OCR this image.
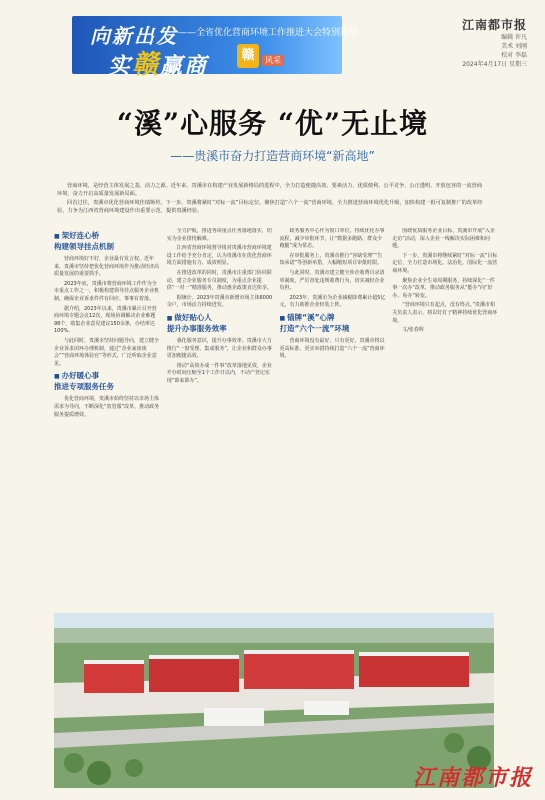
向新出发 ——全省优化营商环境工作推进大会特别策划
实赣赢商	赣	风采
江南都市报
编辑 许凡
美术 刘刚
校对 李磊
2024年4月17日 星期三
“溪”心服务 “优”无止境
——贵溪市奋力打造营商环境“新高地”

营商环境，是经营主体发展之基、活力之源。近年来，贵溪市在构建产业发展新格局的进程中，全力打造便捷高效、要素活力、优质便利、公平竞争、公正透明、开放包容的一流营商环境，奋力开启高质量发展新局面。

回首过往，贵溪市优化营商环境佳绩频传。下一步，贵溪将紧盯“对标一流”目标定位，聚焦打造“六个一流”营商环境，全力推进营商环境优化升级，加快构建一批可复制推广的改革经验，力争为江西省营商环境建设作出重要示范、提供贵溪经验。

■ 架好连心桥
构建领导挂点机制

营商环境好不好，企业最有发言权。近年来，贵溪市坚持把优化营商环境作为推动经济高质量发展的重要抓手。

2023年底，贵溪市将营商环境工作作为全市重点工作之一，积极构建领导挂点服务企业机制，确保企业诉求件件有回应、事事有着落。

据介绍，2023年以来，贵溪市累计召开营商环境专题会议12次，现场协调解决企业难题98个，收集企业意见建议150余条，办结率达100%。

与此同时，贵溪市坚持问题导向，建立健全企业诉求闭环办理机制，通过“企业家座谈会”“营商环境体验官”等形式，广泛听取企业意见。

■ 办好暖心事
推进专项服务任务

优化营商环境，贵溪市始终坚持以市场主体需求为导向，不断深化“放管服”改革，推动政务服务提质增效。

全力护航，推进各项重点任务落地落实，切实为企业排忧解难。

江西省营商环境督导组对贵溪市营商环境建设工作给予充分肯定，认为贵溪市在优化营商环境方面措施有力、成效明显。

在推进改革的同时，贵溪市注重部门协同联动，建立企业服务专员制度，为重点企业提供“一对一”精准服务，推动惠企政策直达快享。

据统计，2023年贵溪市新增市场主体6000余户，市场活力持续迸发。

■ 做好贴心人
提升办事服务效率

强化服务意识，提升办事效率。贵溪市大力推行“一窗受理、集成服务”，让企业和群众办事更加便捷高效。

推动“高效办成一件事”改革落地见效，企业开办时间压缩至1个工作日以内，不动产登记实现“即来即办”。

政务服务中心作为窗口单位，持续优化办事流程，减少审批环节，让“数据多跑路、群众少跑腿”成为常态。

在审批服务上，贵溪市推行“容缺受理”“告知承诺”等创新举措，大幅缩短项目审批时限。

与此同时，贵溪市建立健全涉企收费目录清单制度，严厉查处违规收费行为，切实减轻企业负担。

2023年，贵溪市为企业减税降费累计超5亿元，有力助推企业轻装上阵。

■ 锚牌“溪”心牌
打造“六个一流”环境

营商环境没有最好，只有更好。贵溪市将以更高标准、更实举措持续打造“六个一流”营商环境。

围绕优质服务企业目标，贵溪市开展“入企走访”活动，深入企业一线解决实际困难和问题。

下一步，贵溪市将继续紧盯“对标一流”目标定位，全力打造市场化、法治化、国际化一流营商环境。

聚焦企业全生命周期服务，持续深化“一件事一次办”改革，推动政务服务从“能办”向“好办、易办”转变。

“营商环境只有起点，没有终点。”贵溪市相关负责人表示，将以钉钉子精神持续优化营商环境。

文/张春辉

江南都市报
